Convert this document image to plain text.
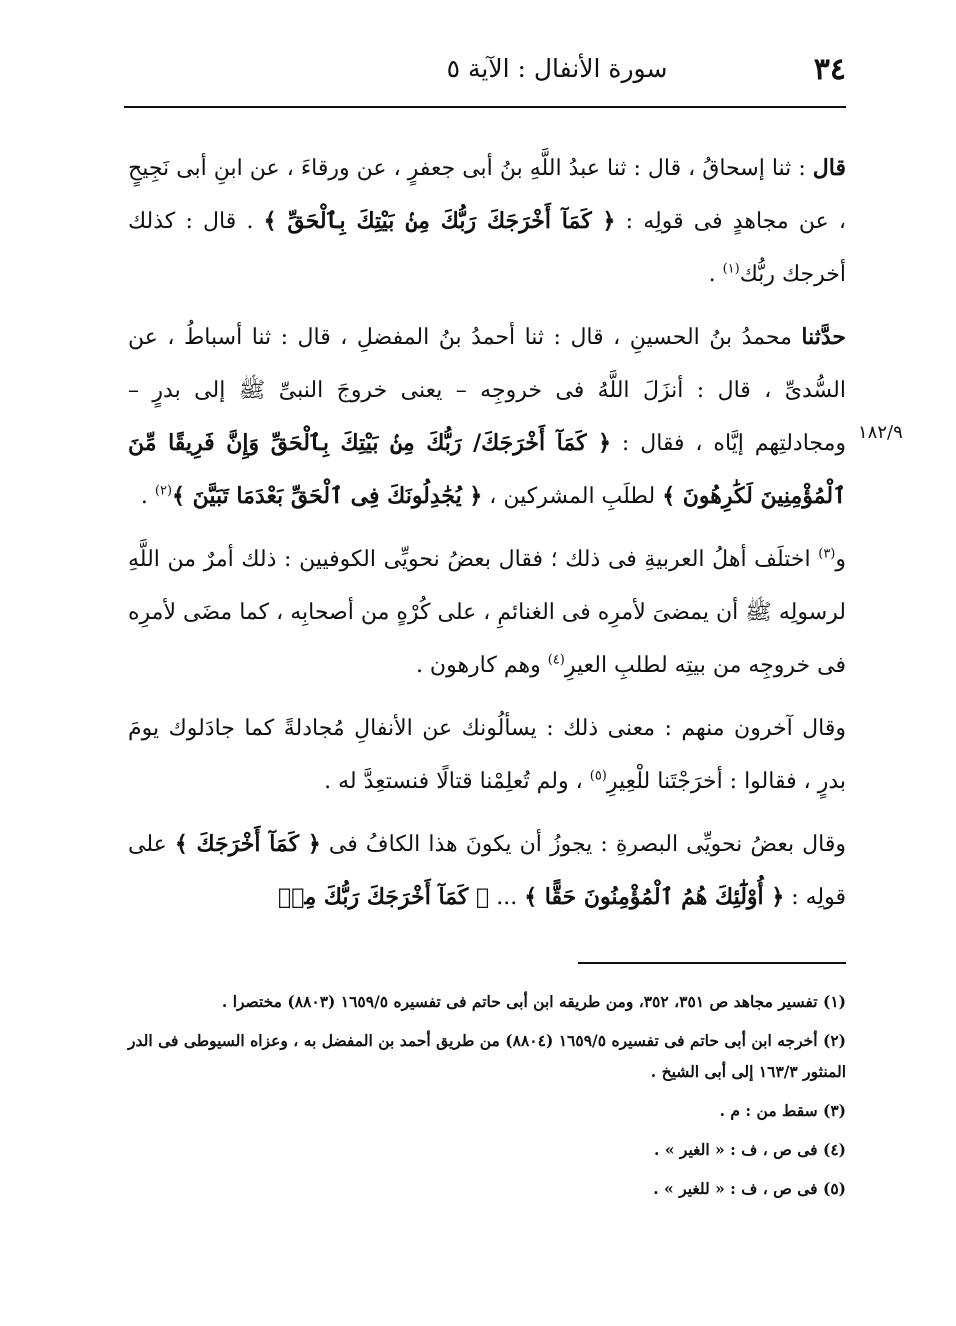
٣٤
سورة الأنفال : الآية ٥
١٨٢/٩

قال : ثنا إسحاقُ ، قال : ثنا عبدُ اللَّهِ بنُ أبى جعفرٍ ، عن ورقاءَ ، عن ابنِ أبى نَجِيحٍ ، عن مجاهدٍ فى قولِه : ﴿ كَمَآ أَخْرَجَكَ رَبُّكَ مِنۢ بَيْتِكَ بِٱلْحَقِّ ﴾ . قال : كذلك أخرجك ربُّك$^{(١)}$ .

حدَّثنا محمدُ بنُ الحسينِ ، قال : ثنا أحمدُ بنُ المفضلِ ، قال : ثنا أسباطُ ، عن السُّدىِّ ، قال : أنزَلَ اللَّهُ فى خروجِه – يعنى خروجَ النبىِّ ﷺ إلى بدرٍ – ومجادلتِهم إيَّاه ، فقال : ﴿ كَمَآ أَخْرَجَكَ/ رَبُّكَ مِنۢ بَيْتِكَ بِٱلْحَقِّ وَإِنَّ فَرِيقًا مِّنَ ٱلْمُؤْمِنِينَ لَكَٰرِهُونَ ﴾ لطلَبِ المشركين ، ﴿ يُجَٰدِلُونَكَ فِى ٱلْحَقِّ بَعْدَمَا تَبَيَّنَ ﴾$^{(٢)}$ .

و$^{(٣)}$ اختلَف أهلُ العربيةِ فى ذلك ؛ فقال بعضُ نحويِّى الكوفيين : ذلك أمرٌ من اللَّهِ لرسولِه ﷺ أن يمضىَ لأمرِه فى الغنائمِ ، على كُرْهٍ من أصحابِه ، كما مضَى لأمرِه فى خروجِه من بيتِه لطلبِ العيرِ$^{(٤)}$ وهم كارهون .

وقال آخرون منهم : معنى ذلك : يسألُونك عن الأنفالِ مُجادلةً كما جادَلوك يومَ بدرٍ ، فقالوا : أخرَجْتَنا للْعِيرِ$^{(٥)}$ ، ولم تُعلِمْنا قتالًا فنستعِدَّ له .

وقال بعضُ نحويِّى البصرةِ : يجوزُ أن يكونَ هذا الكافُ فى ﴿ كَمَآ أَخْرَجَكَ ﴾ على قولِه : ﴿ أُوْلَٰٓئِكَ هُمُ ٱلْمُؤْمِنُونَ حَقًّا ﴾ ... ﴿ كَمَآ أَخْرَجَكَ رَبُّكَ مِنۢ

(١) تفسير مجاهد ص ٣٥١، ٣٥٢، ومن طريقه ابن أبى حاتم فى تفسيره ١٦٥٩/٥ (٨٨٠٣) مختصرا .

(٢) أخرجه ابن أبى حاتم فى تفسيره ١٦٥٩/٥ (٨٨٠٤) من طريق أحمد بن المفضل به ، وعزاه السيوطى فى الدر المنثور ١٦٣/٣ إلى أبى الشيخ .

(٣) سقط من : م .

(٤) فى ص ، ف : « الغير » .

(٥) فى ص ، ف : « للغير » .
